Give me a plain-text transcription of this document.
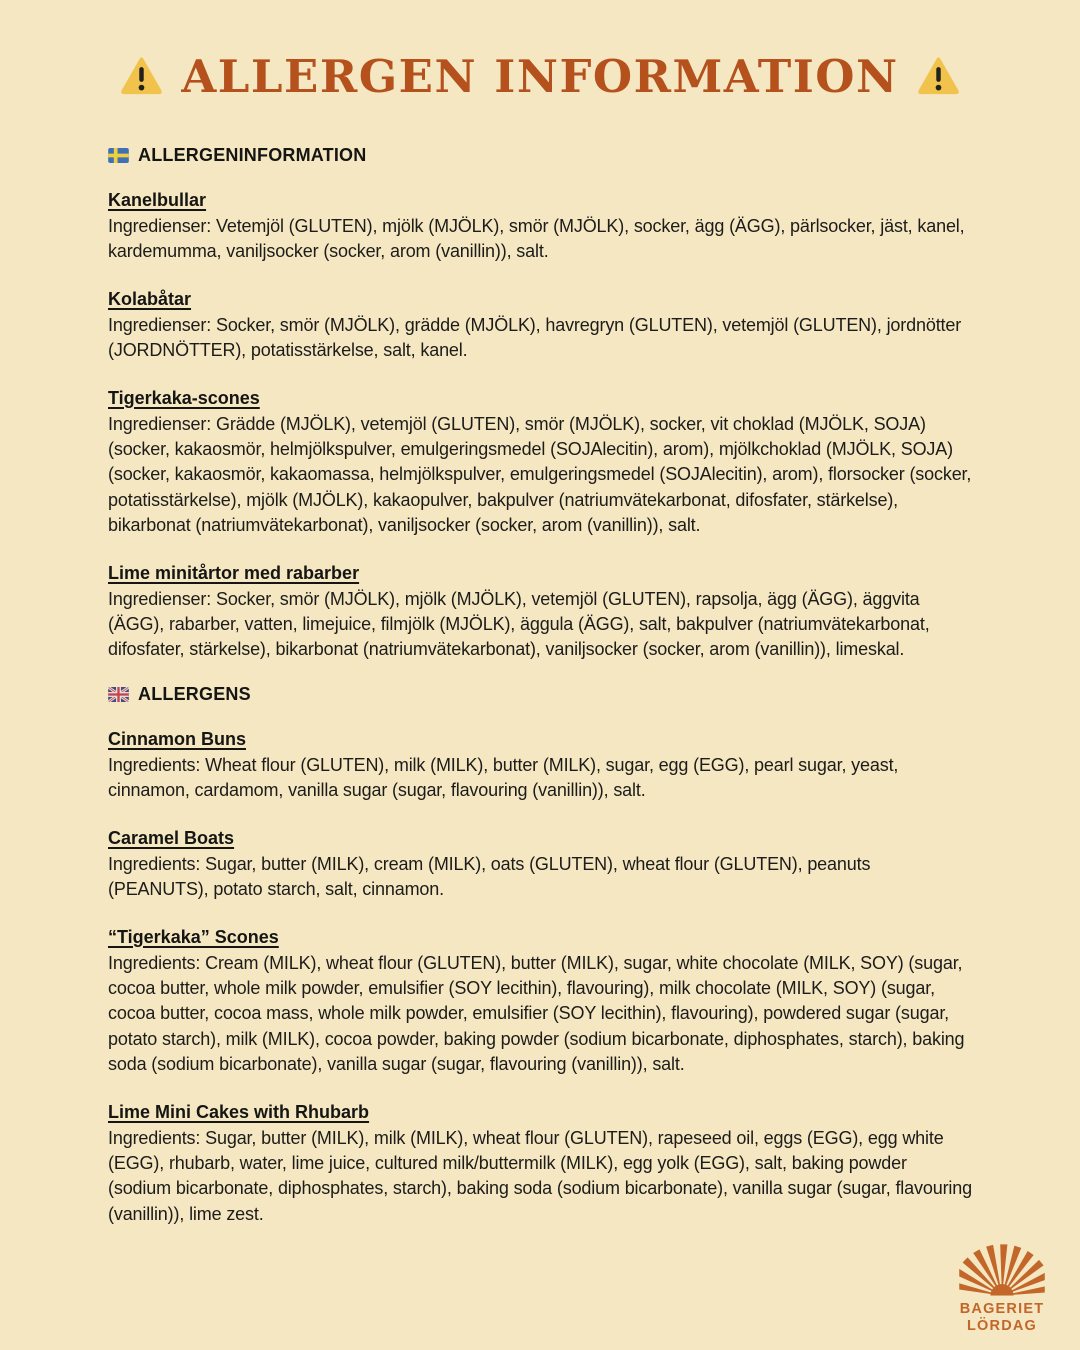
ALLERGEN INFORMATION
ALLERGENINFORMATION
Kanelbullar
Ingredienser: Vetemjöl (GLUTEN), mjölk (MJÖLK), smör (MJÖLK), socker, ägg (ÄGG), pärlsocker, jäst, kanel, kardemumma, vaniljsocker (socker, arom (vanillin)), salt.
Kolabåtar
Ingredienser: Socker, smör (MJÖLK), grädde (MJÖLK), havregryn (GLUTEN), vetemjöl (GLUTEN), jordnötter (JORDNÖTTER), potatisstärkelse, salt, kanel.
Tigerkaka-scones
Ingredienser: Grädde (MJÖLK), vetemjöl (GLUTEN), smör (MJÖLK), socker, vit choklad (MJÖLK, SOJA) (socker, kakaosmör, helmjölkspulver, emulgeringsmedel (SOJAlecitin), arom), mjölkchoklad (MJÖLK, SOJA) (socker, kakaosmör, kakaomassa, helmjölkspulver, emulgeringsmedel (SOJAlecitin), arom), florsocker (socker, potatisstärkelse), mjölk (MJÖLK), kakaopulver, bakpulver (natriumvätekarbonat, difosfater, stärkelse), bikarbonat (natriumvätekarbonat), vaniljsocker (socker, arom (vanillin)), salt.
Lime minitårtor med rabarber
Ingredienser: Socker, smör (MJÖLK), mjölk (MJÖLK), vetemjöl (GLUTEN), rapsolja, ägg (ÄGG), äggvita (ÄGG), rabarber, vatten, limejuice, filmjölk (MJÖLK), äggula (ÄGG), salt, bakpulver (natriumvätekarbonat, difosfater, stärkelse), bikarbonat (natriumvätekarbonat), vaniljsocker (socker, arom (vanillin)), limeskal.
ALLERGENS
Cinnamon Buns
Ingredients: Wheat flour (GLUTEN), milk (MILK), butter (MILK), sugar, egg (EGG), pearl sugar, yeast, cinnamon, cardamom, vanilla sugar (sugar, flavouring (vanillin)), salt.
Caramel Boats
Ingredients: Sugar, butter (MILK), cream (MILK), oats (GLUTEN), wheat flour (GLUTEN), peanuts (PEANUTS), potato starch, salt, cinnamon.
“Tigerkaka” Scones
Ingredients: Cream (MILK), wheat flour (GLUTEN), butter (MILK), sugar, white chocolate (MILK, SOY) (sugar, cocoa butter, whole milk powder, emulsifier (SOY lecithin), flavouring), milk chocolate (MILK, SOY) (sugar, cocoa butter, cocoa mass, whole milk powder, emulsifier (SOY lecithin), flavouring), powdered sugar (sugar, potato starch), milk (MILK), cocoa powder, baking powder (sodium bicarbonate, diphosphates, starch), baking soda (sodium bicarbonate), vanilla sugar (sugar, flavouring (vanillin)), salt.
Lime Mini Cakes with Rhubarb
Ingredients: Sugar, butter (MILK), milk (MILK), wheat flour (GLUTEN), rapeseed oil, eggs (EGG), egg white (EGG), rhubarb, water, lime juice, cultured milk/buttermilk (MILK), egg yolk (EGG), salt, baking powder (sodium bicarbonate, diphosphates, starch), baking soda (sodium bicarbonate), vanilla sugar (sugar, flavouring (vanillin)), lime zest.
BAGERIET
LÖRDAG
